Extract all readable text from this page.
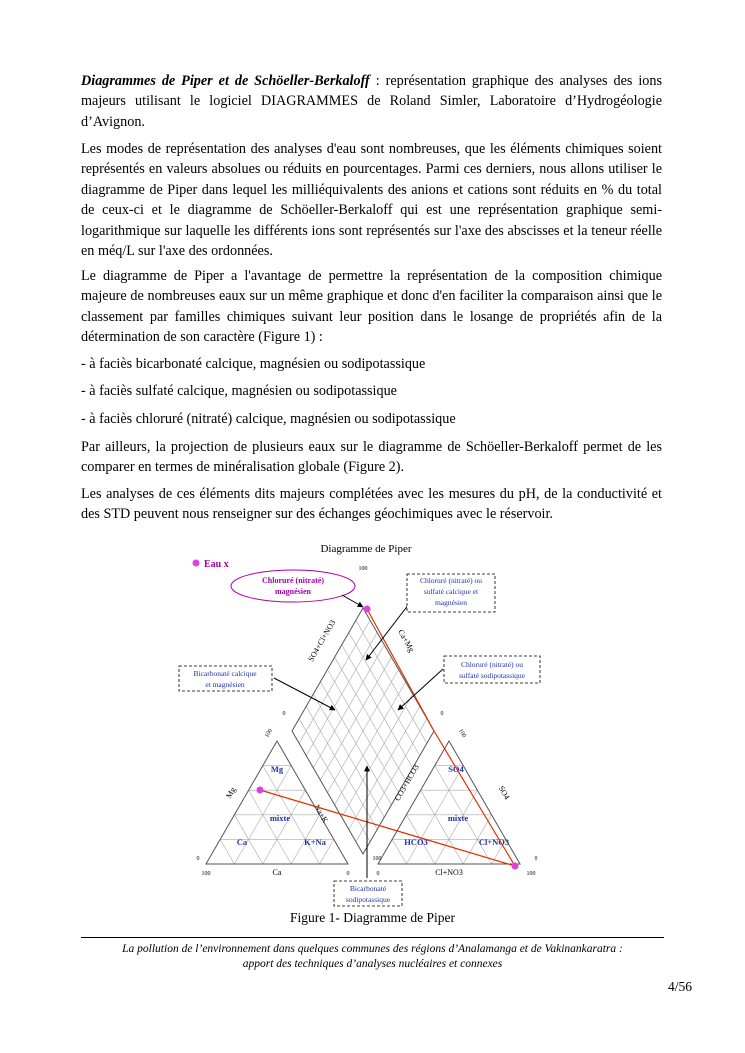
Diagrammes de Piper et de Schöeller-Berkaloff : représentation graphique des analyses des ions majeurs utilisant le logiciel DIAGRAMMES de Roland Simler, Laboratoire d’Hydrogéologie d’Avignon.

Les modes de représentation des analyses d'eau sont nombreuses, que les éléments chimiques soient représentés en valeurs absolues ou réduits en pourcentages. Parmi ces derniers, nous allons utiliser le diagramme de Piper dans lequel les milliéquivalents des anions et cations sont réduits en % du total de ceux-ci et le diagramme de Schöeller-Berkaloff qui est une représentation graphique semi-logarithmique sur laquelle les différents ions sont représentés sur l'axe des abscisses et la teneur réelle en méq/L sur l'axe des ordonnées.

Le diagramme de Piper a l'avantage de permettre la représentation de la composition chimique majeure de nombreuses eaux sur un même graphique et donc d'en faciliter la comparaison ainsi que le classement par familles chimiques suivant leur position dans le losange de propriétés afin de la détermination de son caractère (Figure 1) :

- à faciès bicarbonaté calcique, magnésien ou sodipotassique

- à faciès sulfaté calcique, magnésien ou sodipotassique

- à faciès chloruré (nitraté) calcique, magnésien ou sodipotassique

Par ailleurs, la projection de plusieurs eaux sur le diagramme de Schöeller-Berkaloff permet de les comparer en termes de minéralisation globale (Figure 2).

Les analyses de ces éléments dits majeurs complétées avec les mesures du pH, de la conductivité et des STD peuvent nous renseigner sur des échanges géochimiques avec le réservoir.

Diagramme de Piper
Eau x	100
0	0
100
0
0
100
0	100
0
100	100
SO4+Cl+NO3	Ca+Mg
Na+K
CO3+HCO3
Mg	SO4
Ca	Cl+NO3
Mg
mixte
Ca	K+Na
SO4
mixte
HCO3	Cl+NO3
Chloruré (nitraté)
magnésien
Chloruré (nitraté) ou
sulfaté calcique et
magnésien
Bicarbonaté calcique
et magnésien
Chloruré (nitraté) ou
sulfaté sodipotassique
Bicarbonaté
sodipotassique
Figure 1- Diagramme de Piper
La pollution de l’environnement dans quelques communes des régions d’Analamanga et de Vakinankaratra :
apport des techniques d’analyses nucléaires et connexes
4/56
